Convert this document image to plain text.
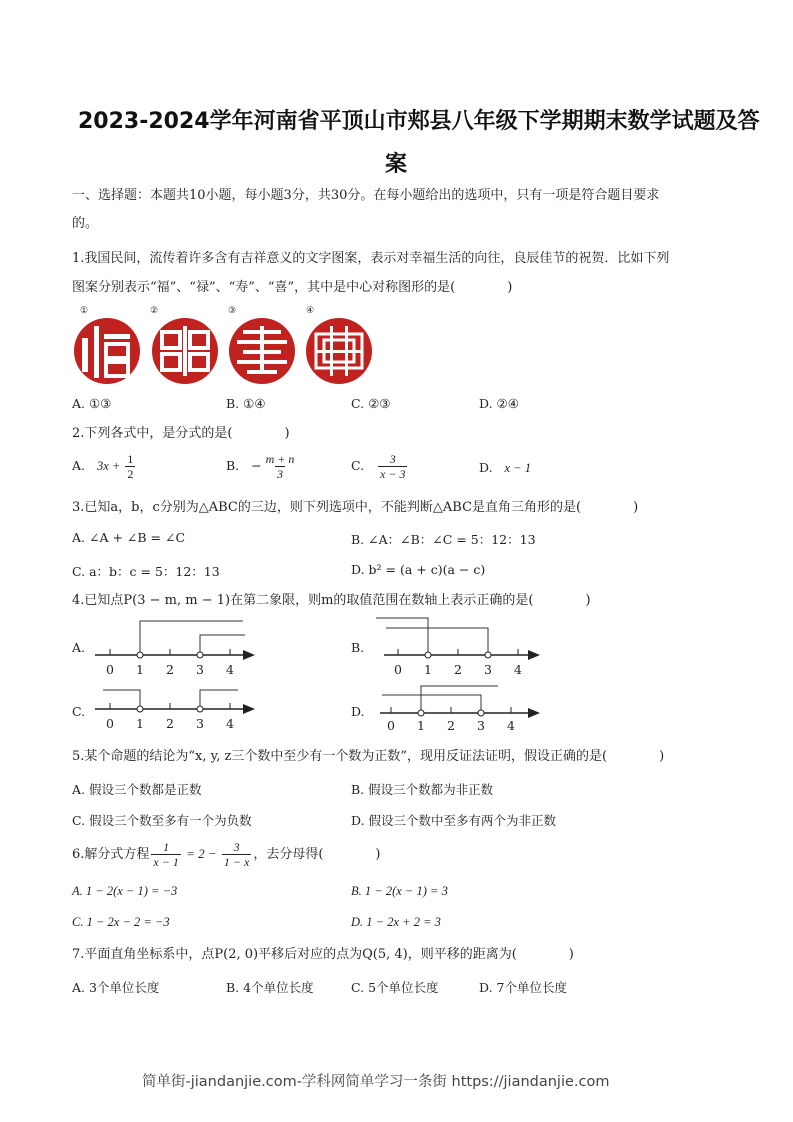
2023-2024学年河南省平顶山市郏县八年级下学期期末数学试题及答
案
一、选择题：本题共10小题，每小题3分，共30分。在每小题给出的选项中，只有一项是符合题目要求
的。
1.我国民间，流传着许多含有吉祥意义的文字图案，表示对幸福生活的向往，良辰佳节的祝贺．比如下列
图案分别表示“福”、“禄”、“寿”、“喜”，其中是中心对称图形的是(　　　　)
①	②	③	④
A. ①③	B. ①④	C. ②③	D. ②④
2.下列各式中，是分式的是(　　　　)
A. $3x + \frac{1}{2}$	B. − $\frac{m + n}{3}$	C. $\frac{3}{x - 3}$	D. x − 1
3.已知a，b，c分别为△ABC的三边，则下列选项中，不能判断△ABC是直角三角形的是(　　　　)
A. ∠A + ∠B = ∠C	B. ∠A：∠B：∠C = 5：12：13
C. a：b：c = 5：12：13	D. b² = (a + c)(a − c)
4.已知点P(3 − m, m − 1)在第二象限，则m的取值范围在数轴上表示正确的是(　　　　)
A.
0 1 2 3 4
B.
0 1 2 3 4
C.
0 1 2 3 4
D.
0 1 2 3 4
5.某个命题的结论为“x, y, z三个数中至少有一个数为正数”，现用反证法证明，假设正确的是(　　　　)
A. 假设三个数都是正数	B. 假设三个数都为非正数
C. 假设三个数至多有一个为负数	D. 假设三个数中至多有两个为非正数
6.解分式方程 $\frac{1}{x - 1} = 2 - \frac{3}{1 - x}$ ，去分母得(　　　　)
A. 1 − 2(x − 1) = −3	B. 1 − 2(x − 1) = 3
C. 1 − 2x − 2 = −3	D. 1 − 2x + 2 = 3
7.平面直角坐标系中，点P(2, 0)平移后对应的点为Q(5, 4)，则平移的距离为(　　　　)
A. 3个单位长度	B. 4个单位长度	C. 5个单位长度	D. 7个单位长度
简单街-jiandanjie.com-学科网简单学习一条街 https://jiandanjie.com
